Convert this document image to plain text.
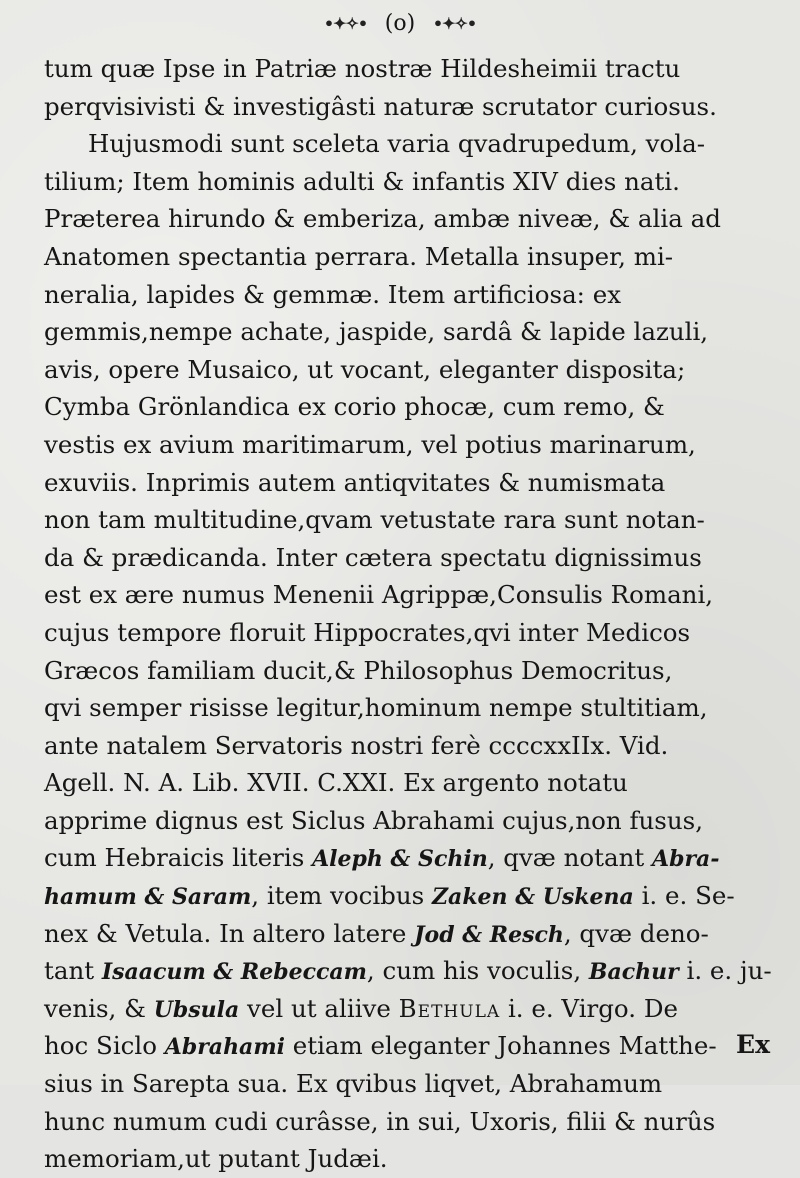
•✦✧• (o) •✦✧•
tum quæ Ipse in Patriæ nostræ Hildesheimii tractu
perqvisivisti & investigâsti naturæ scrutator curiosus.
Hujusmodi sunt sceleta varia qvadrupedum, vola-
tilium; Item hominis adulti & infantis XIV dies nati.
Præterea hirundo & emberiza, ambæ niveæ, & alia ad
Anatomen spectantia perrara. Metalla insuper, mi-
neralia, lapides & gemmæ. Item artificiosa: ex
gemmis,nempe achate, jaspide, sardâ & lapide lazuli,
avis, opere Musaico, ut vocant, eleganter dispositа;
Cymba Grönlandica ex corio phocæ, cum remo, &
vestis ex avium maritimarum, vel potius marinarum,
exuviis. Inprimis autem antiqvitates & numismata
non tam multitudine,qvam vetustate rara sunt notan-
da & prædicanda. Inter cætera spectatu dignissimus
est ex ære numus Menenii Agrippæ,Consulis Romani,
cujus tempore floruit Hippocrates,qvi inter Medicos
Græcos familiam ducit,& Philosophus Democritus,
qvi semper risisse legitur,hominum nempe stultitiam,
ante natalem Servatoris nostri ferè ccccxxIIx. Vid.
Agell. N. A. Lib. XVII. C.XXI. Ex argento notatu
apprime dignus est Siclus Abrahami cujus,non fusus,
cum Hebraicis literis Aleph & Schin, qvæ notant Abra-
hamum & Saram, item vocibus Zaken & Uskena i. e. Se-
nex & Vetula. In altero latere Jod & Resch, qvæ deno-
tant Isaacum & Rebeccam, cum his voculis, Bachur i. e. ju-
venis, & Ubsula vel ut aliive Bethula i. e. Virgo. De
hoc Siclo Abrahami etiam eleganter Johannes Matthe-
sius in Sarepta sua. Ex qvibus liqvet, Abrahamum
hunc numum cudi curâsse, in sui, Uxoris, filii & nurûs
memoriam,ut putant Judæi.
Ex
